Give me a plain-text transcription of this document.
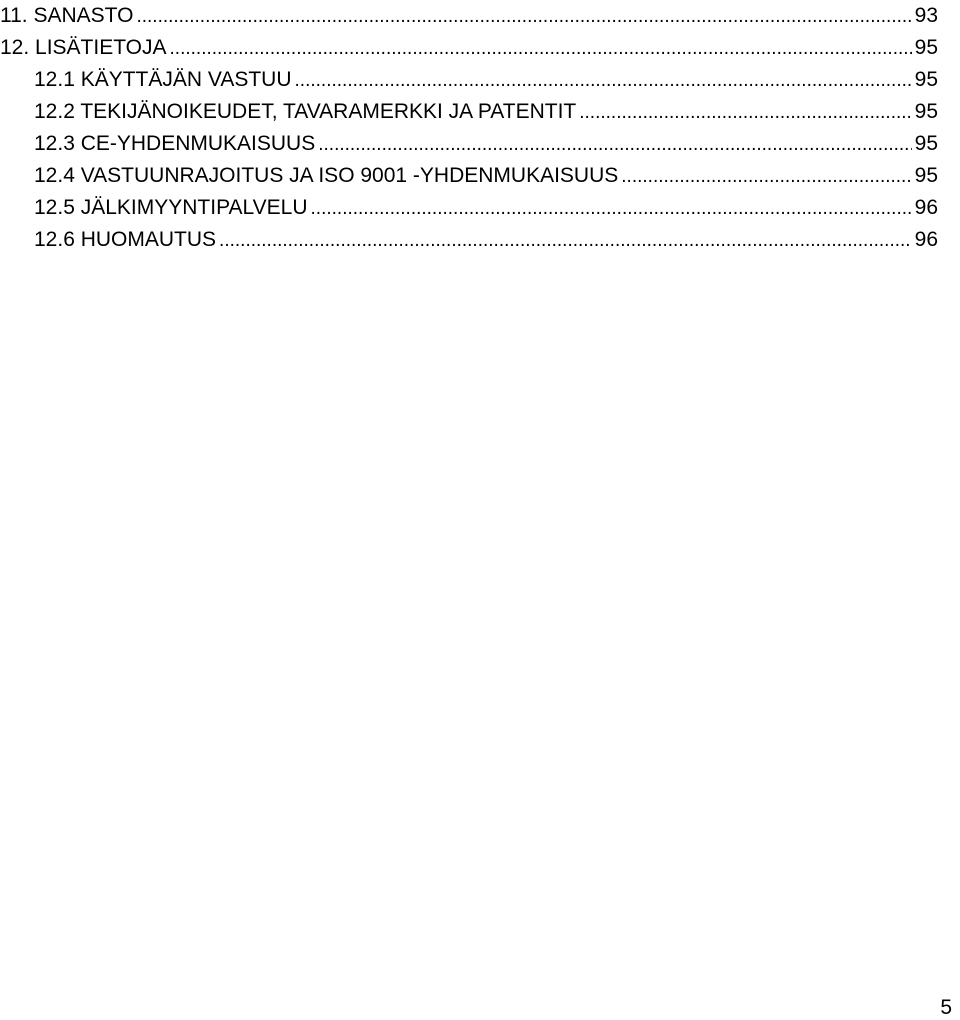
11. SANASTO .....	93
12. LISÄTIETOJA .....	95
12.1 KÄYTTÄJÄN VASTUU .....	95
12.2 TEKIJÄNOIKEUDET, TAVARAMERKKI JA PATENTIT .....	95
12.3 CE-YHDENMUKAISUUS .....	95
12.4 VASTUUNRAJOITUS JA ISO 9001 -YHDENMUKAISUUS .....	95
12.5 JÄLKIMYYNTIPALVELU .....	96
12.6 HUOMAUTUS .....	96
5
